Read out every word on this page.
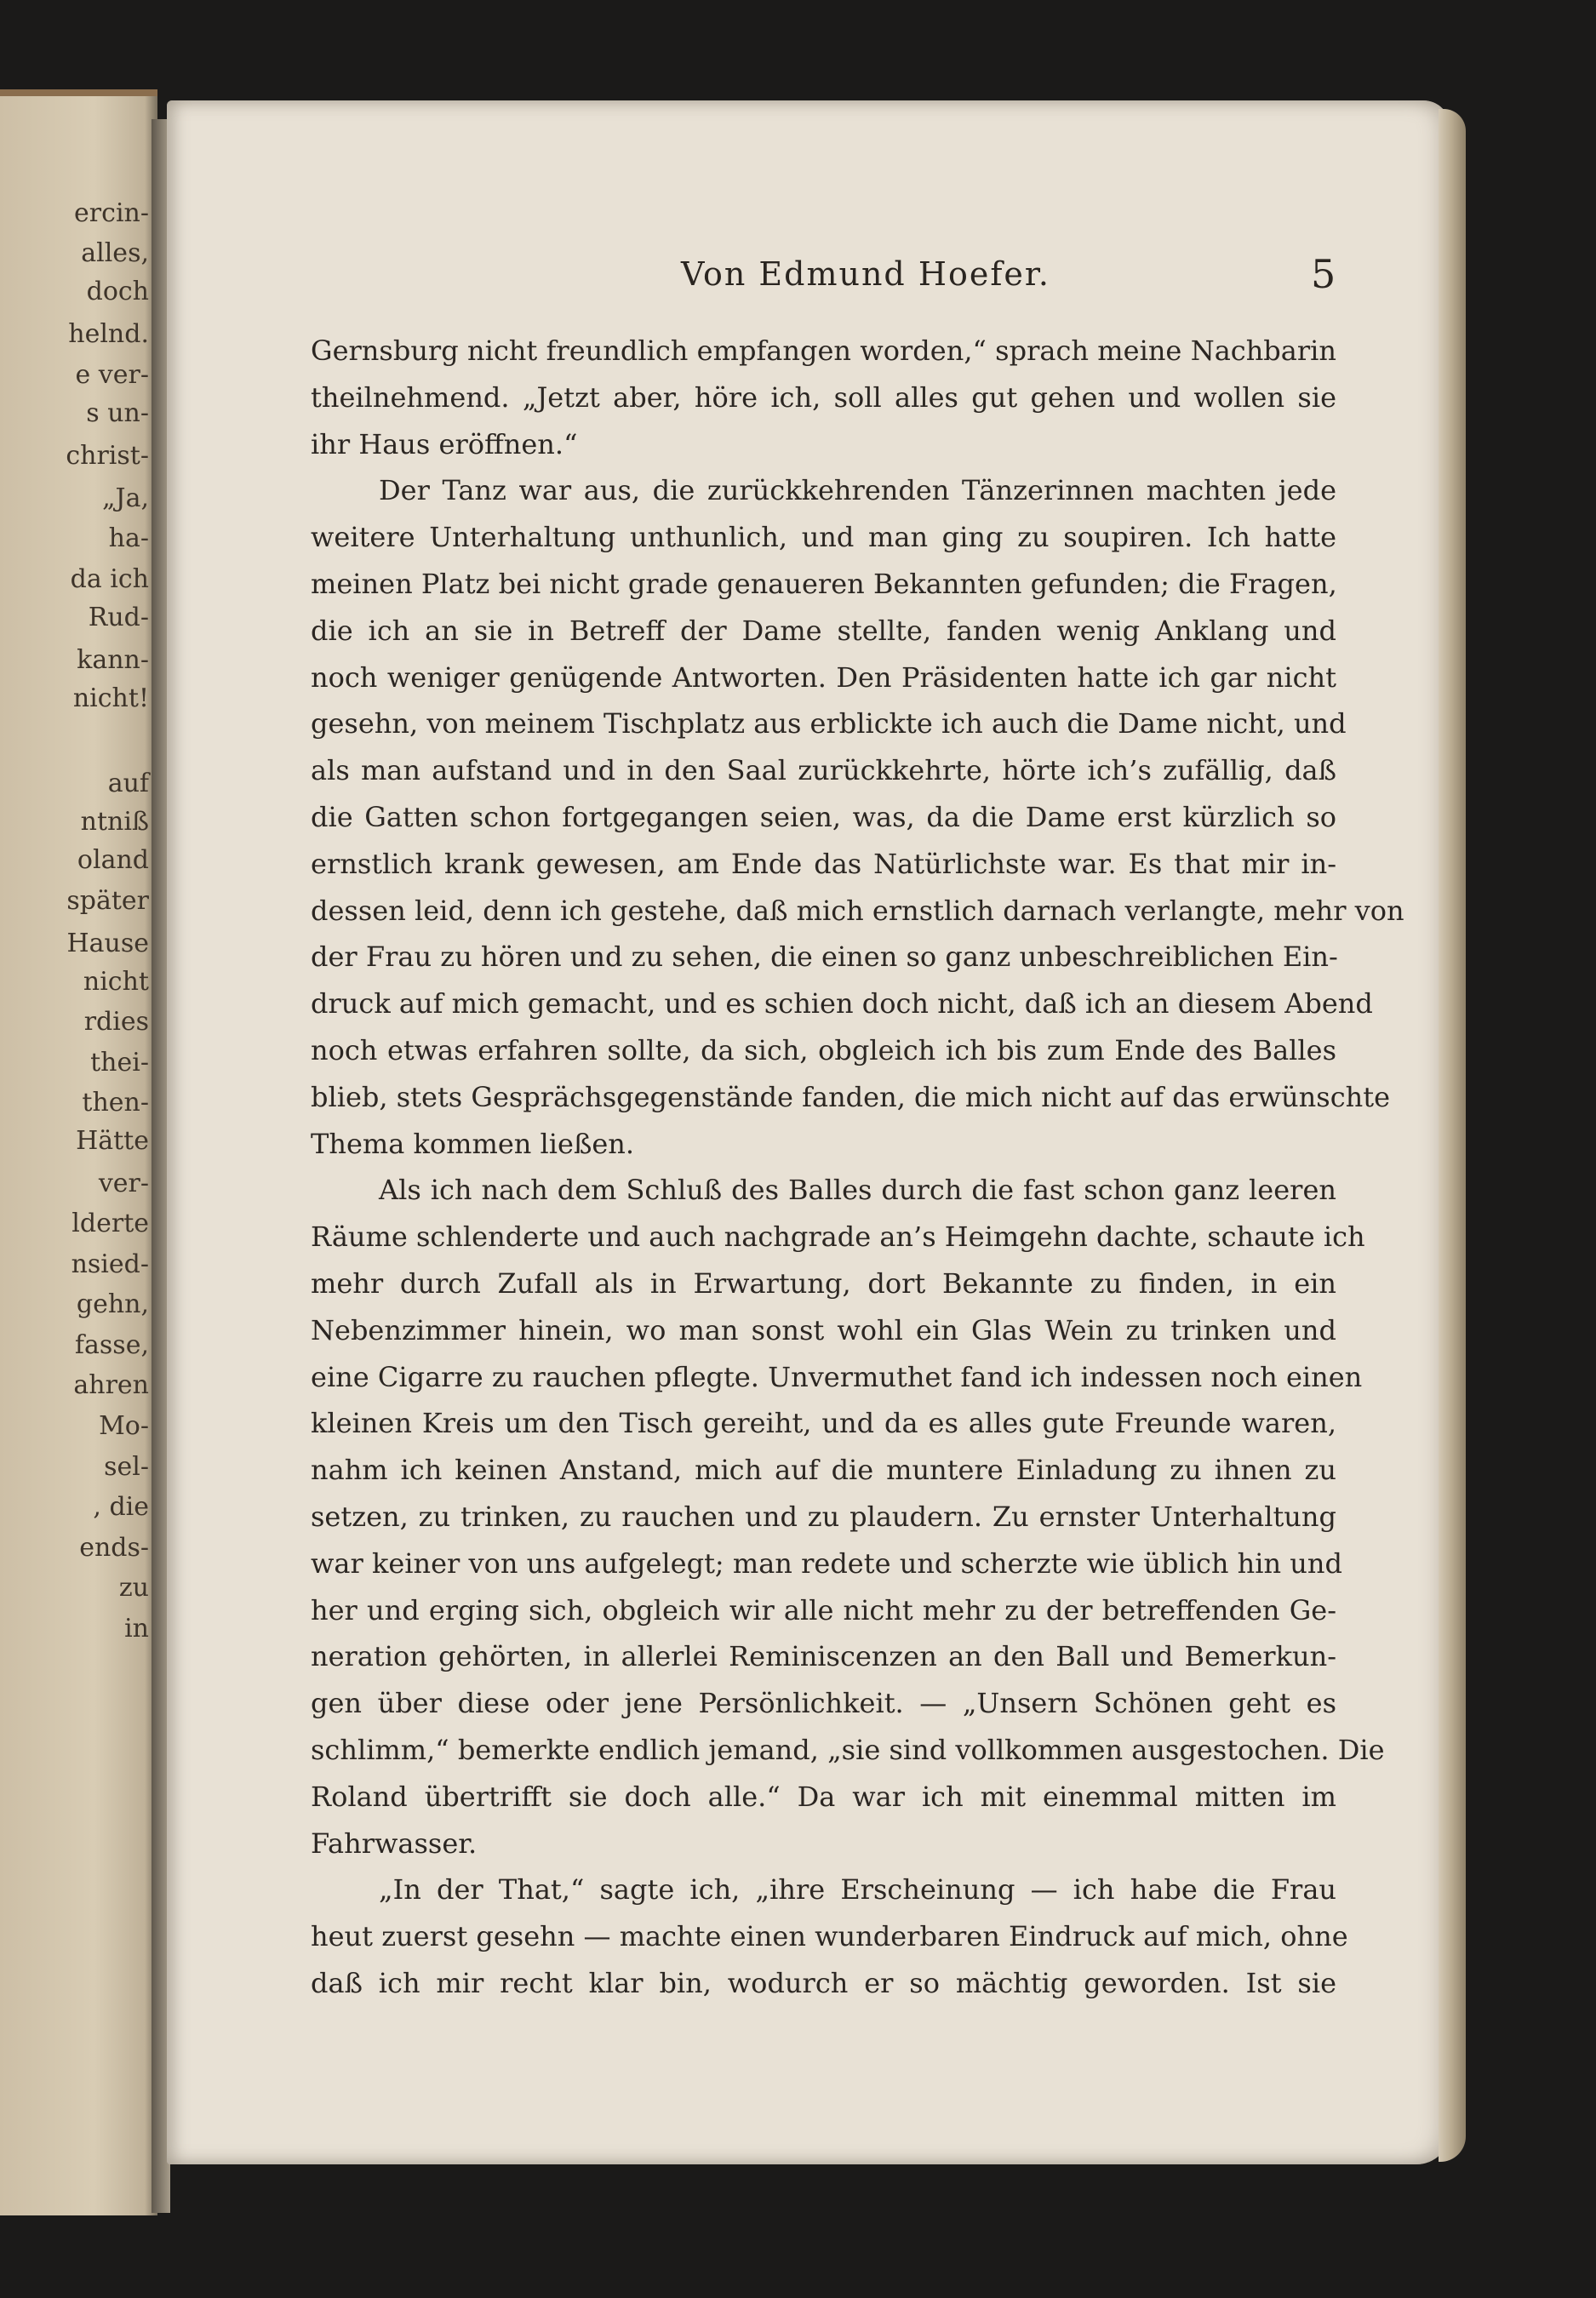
ercin-
alles,
doch
helnd.
e ver-
s un-
christ-
„Ja,
ha-
da ich
Rud-
kann-
nicht!
auf
ntniß
oland
später
Hause
nicht
rdies
thei-
then-
Hätte
ver-
lderte
nsied-
gehn,
fasse,
ahren
Mo-
sel-
, die
ends-
zu
in
Von Edmund Hoefer.	5
Gernsburg nicht freundlich empfangen worden,“ sprach meine Nachbarin
theilnehmend. „Jetzt aber, höre ich, soll alles gut gehen und wollen sie
ihr Haus eröffnen.“
Der Tanz war aus, die zurückkehrenden Tänzerinnen machten jede
weitere Unterhaltung unthunlich, und man ging zu soupiren. Ich hatte
meinen Platz bei nicht grade genaueren Bekannten gefunden; die Fragen,
die ich an sie in Betreff der Dame stellte, fanden wenig Anklang und
noch weniger genügende Antworten. Den Präsidenten hatte ich gar nicht
gesehn, von meinem Tischplatz aus erblickte ich auch die Dame nicht, und
als man aufstand und in den Saal zurückkehrte, hörte ich’s zufällig, daß
die Gatten schon fortgegangen seien, was, da die Dame erst kürzlich so
ernstlich krank gewesen, am Ende das Natürlichste war. Es that mir in-
dessen leid, denn ich gestehe, daß mich ernstlich darnach verlangte, mehr von
der Frau zu hören und zu sehen, die einen so ganz unbeschreiblichen Ein-
druck auf mich gemacht, und es schien doch nicht, daß ich an diesem Abend
noch etwas erfahren sollte, da sich, obgleich ich bis zum Ende des Balles
blieb, stets Gesprächsgegenstände fanden, die mich nicht auf das erwünschte
Thema kommen ließen.
Als ich nach dem Schluß des Balles durch die fast schon ganz leeren
Räume schlenderte und auch nachgrade an’s Heimgehn dachte, schaute ich
mehr durch Zufall als in Erwartung, dort Bekannte zu finden, in ein
Nebenzimmer hinein, wo man sonst wohl ein Glas Wein zu trinken und
eine Cigarre zu rauchen pflegte. Unvermuthet fand ich indessen noch einen
kleinen Kreis um den Tisch gereiht, und da es alles gute Freunde waren,
nahm ich keinen Anstand, mich auf die muntere Einladung zu ihnen zu
setzen, zu trinken, zu rauchen und zu plaudern. Zu ernster Unterhaltung
war keiner von uns aufgelegt; man redete und scherzte wie üblich hin und
her und erging sich, obgleich wir alle nicht mehr zu der betreffenden Ge-
neration gehörten, in allerlei Reminiscenzen an den Ball und Bemerkun-
gen über diese oder jene Persönlichkeit. — „Unsern Schönen geht es
schlimm,“ bemerkte endlich jemand, „sie sind vollkommen ausgestochen. Die
Roland übertrifft sie doch alle.“ Da war ich mit einemmal mitten im
Fahrwasser.
„In der That,“ sagte ich, „ihre Erscheinung — ich habe die Frau
heut zuerst gesehn — machte einen wunderbaren Eindruck auf mich, ohne
daß ich mir recht klar bin, wodurch er so mächtig geworden. Ist sie
